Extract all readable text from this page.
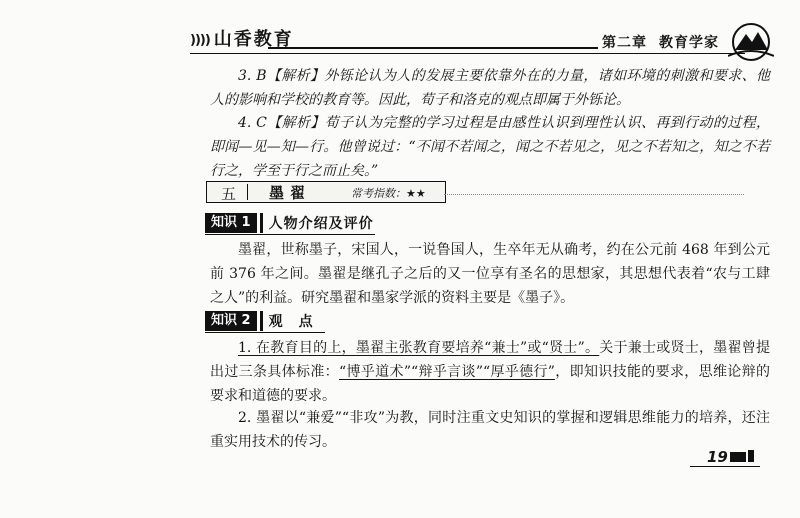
)))) 山香教育	第二章 教育学家
3. B【解析】外铄论认为人的发展主要依靠外在的力量，诸如环境的刺激和要求、他人的影响和学校的教育等。因此，荀子和洛克的观点即属于外铄论。
4. C【解析】荀子认为完整的学习过程是由感性认识到理性认识、再到行动的过程，即闻—见—知—行。他曾说过：“不闻不若闻之，闻之不若见之，见之不若知之，知之不若行之，学至于行之而止矣。”
五 墨翟	常考指数：★★
知识 1	人物介绍及评价
墨翟，世称墨子，宋国人，一说鲁国人，生卒年无从确考，约在公元前 468 年到公元前 376 年之间。墨翟是继孔子之后的又一位享有圣名的思想家，其思想代表着“农与工肆之人”的利益。研究墨翟和墨家学派的资料主要是《墨子》。
知识 2	观　点
1. 在教育目的上，墨翟主张教育要培养“兼士”或“贤士”。关于兼士或贤士，墨翟曾提出过三条具体标准：“博乎道术”“辩乎言谈”“厚乎德行”，即知识技能的要求，思维论辩的要求和道德的要求。
2. 墨翟以“兼爱”“非攻”为教，同时注重文史知识的掌握和逻辑思维能力的培养，还注重实用技术的传习。
19
